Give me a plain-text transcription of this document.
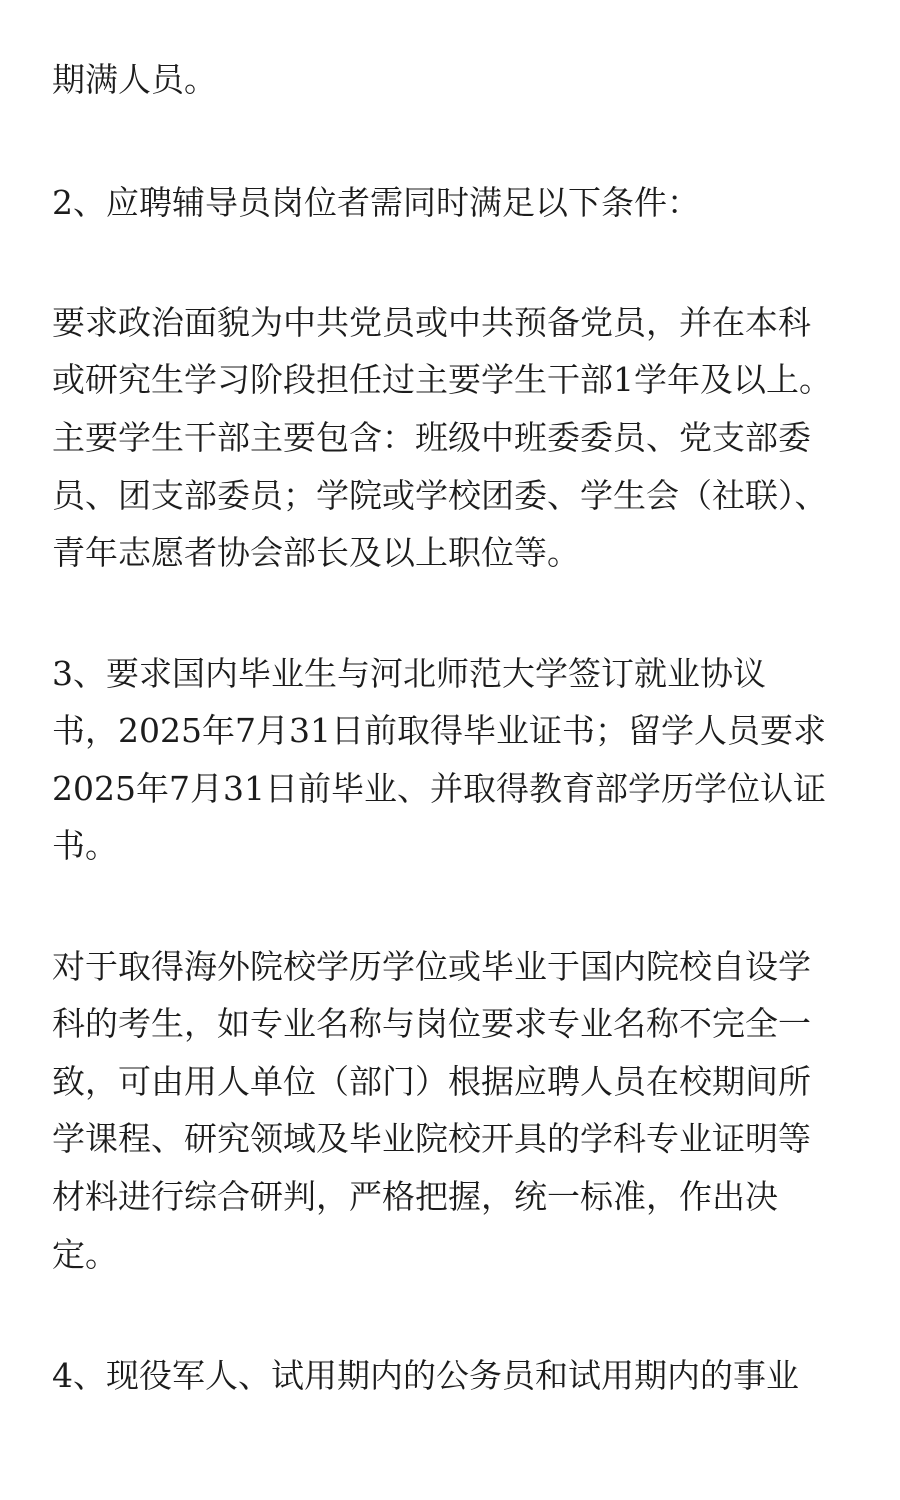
期满人员。

2、应聘辅导员岗位者需同时满足以下条件：

要求政治面貌为中共党员或中共预备党员，并在本科

或研究生学习阶段担任过主要学生干部1学年及以上。

主要学生干部主要包含：班级中班委委员、党支部委

员、团支部委员；学院或学校团委、学生会（社联）、

青年志愿者协会部长及以上职位等。

3、要求国内毕业生与河北师范大学签订就业协议

书，2025年7月31日前取得毕业证书；留学人员要求

2025年7月31日前毕业、并取得教育部学历学位认证

书。

对于取得海外院校学历学位或毕业于国内院校自设学

科的考生，如专业名称与岗位要求专业名称不完全一

致，可由用人单位（部门）根据应聘人员在校期间所

学课程、研究领域及毕业院校开具的学科专业证明等

材料进行综合研判，严格把握，统一标准，作出决

定。

4、现役军人、试用期内的公务员和试用期内的事业
